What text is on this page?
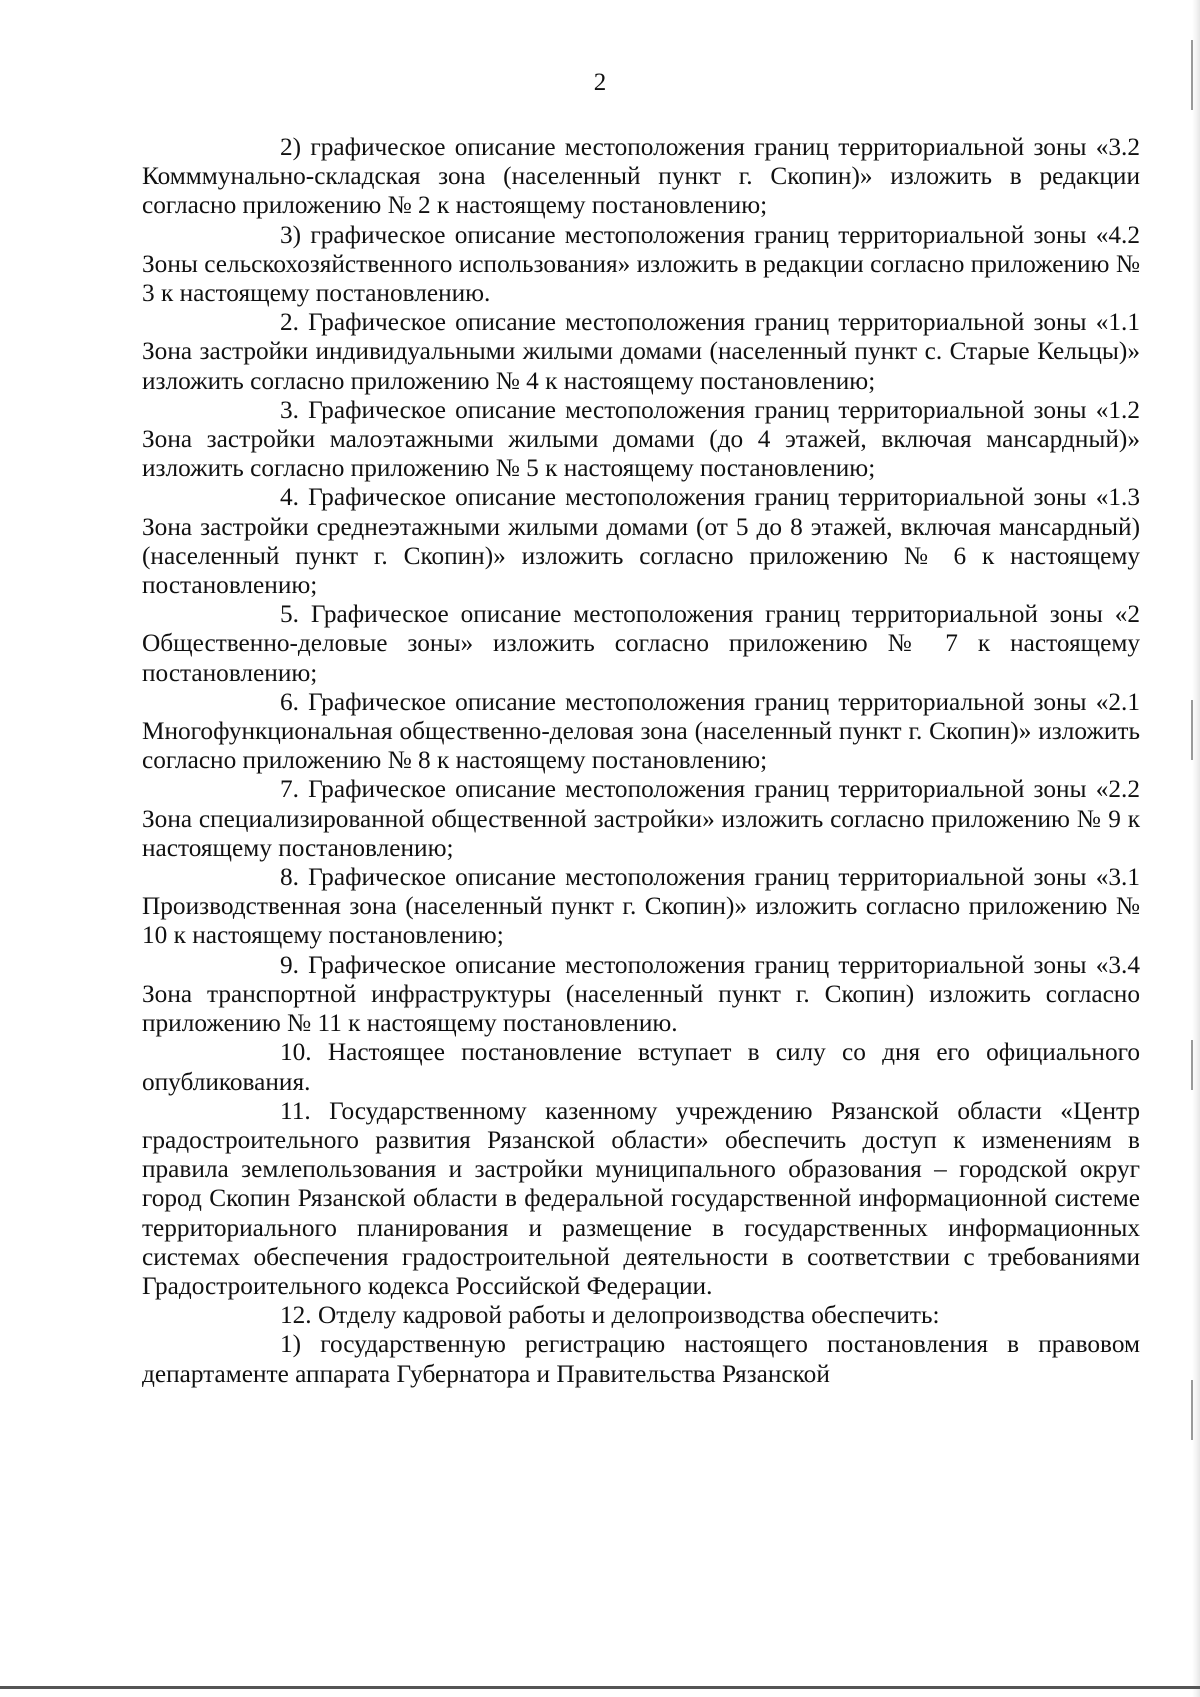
2

2) графическое описание местоположения границ территориальной зоны «3.2 Комммунально-складская зона (населенный пункт г. Скопин)» изложить в редакции согласно приложению № 2 к настоящему постановлению;

3) графическое описание местоположения границ территориальной зоны «4.2 Зоны сельскохозяйственного использования» изложить в редакции согласно приложению № 3 к настоящему постановлению.

2. Графическое описание местоположения границ территориальной зоны «1.1 Зона застройки индивидуальными жилыми домами (населенный пункт с. Старые Кельцы)» изложить согласно приложению № 4 к настоящему постановлению;

3. Графическое описание местоположения границ территориальной зоны «1.2 Зона застройки малоэтажными жилыми домами (до 4 этажей, включая мансардный)» изложить согласно приложению № 5 к настоящему постановлению;

4. Графическое описание местоположения границ территориальной зоны «1.3 Зона застройки среднеэтажными жилыми домами (от 5 до 8 этажей, включая мансардный) (населенный пункт г. Скопин)» изложить согласно приложению № 6 к настоящему постановлению;

5. Графическое описание местоположения границ территориальной зоны «2 Общественно-деловые зоны» изложить согласно приложению № 7 к настоящему постановлению;

6. Графическое описание местоположения границ территориальной зоны «2.1 Многофункциональная общественно-деловая зона (населенный пункт г. Скопин)» изложить согласно приложению № 8 к настоящему постановлению;

7. Графическое описание местоположения границ территориальной зоны «2.2 Зона специализированной общественной застройки» изложить согласно приложению № 9 к настоящему постановлению;

8. Графическое описание местоположения границ территориальной зоны «3.1 Производственная зона (населенный пункт г. Скопин)» изложить согласно приложению № 10 к настоящему постановлению;

9. Графическое описание местоположения границ территориальной зоны «3.4 Зона транспортной инфраструктуры (населенный пункт г. Скопин) изложить согласно приложению № 11 к настоящему постановлению.

10. Настоящее постановление вступает в силу со дня его официального опубликования.

11. Государственному казенному учреждению Рязанской области «Центр градостроительного развития Рязанской области» обеспечить доступ к изменениям в правила землепользования и застройки муниципального образования – городской округ город Скопин Рязанской области в федеральной государственной информационной системе территориального планирования и размещение в государственных информационных системах обеспечения градостроительной деятельности в соответствии с требованиями Градостроительного кодекса Российской Федерации.

12. Отделу кадровой работы и делопроизводства обеспечить:

1) государственную регистрацию настоящего постановления в правовом департаменте аппарата Губернатора и Правительства Рязанской
